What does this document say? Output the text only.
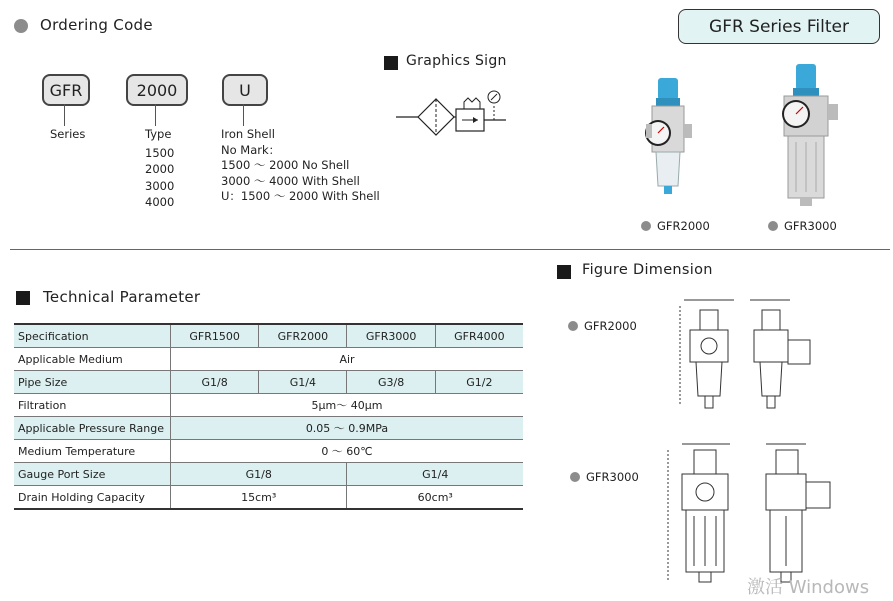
Ordering Code
GFR
Series
2000
Type
1500
2000
3000
4000
U
Iron Shell
No Mark：
1500 ～ 2000 No Shell
3000 ～ 4000 With Shell
U：1500 ～ 2000 With Shell
Graphics Sign
GFR Series Filter
GFR2000	GFR3000
Technical Parameter
Specification	GFR1500	GFR2000	GFR3000	GFR4000
Applicable Medium	Air			
Pipe Size	G1/8	G1/4	G3/8	G1/2
Filtration	5μm～ 40μm			
Applicable Pressure Range	0.05 ～ 0.9MPa			
Medium Temperature	0 ～ 60℃			
Gauge Port Size	G1/8		G1/4	
Drain Holding Capacity	15cm³		60cm³	
Figure Dimension
GFR2000
GFR3000
激活 Windows
